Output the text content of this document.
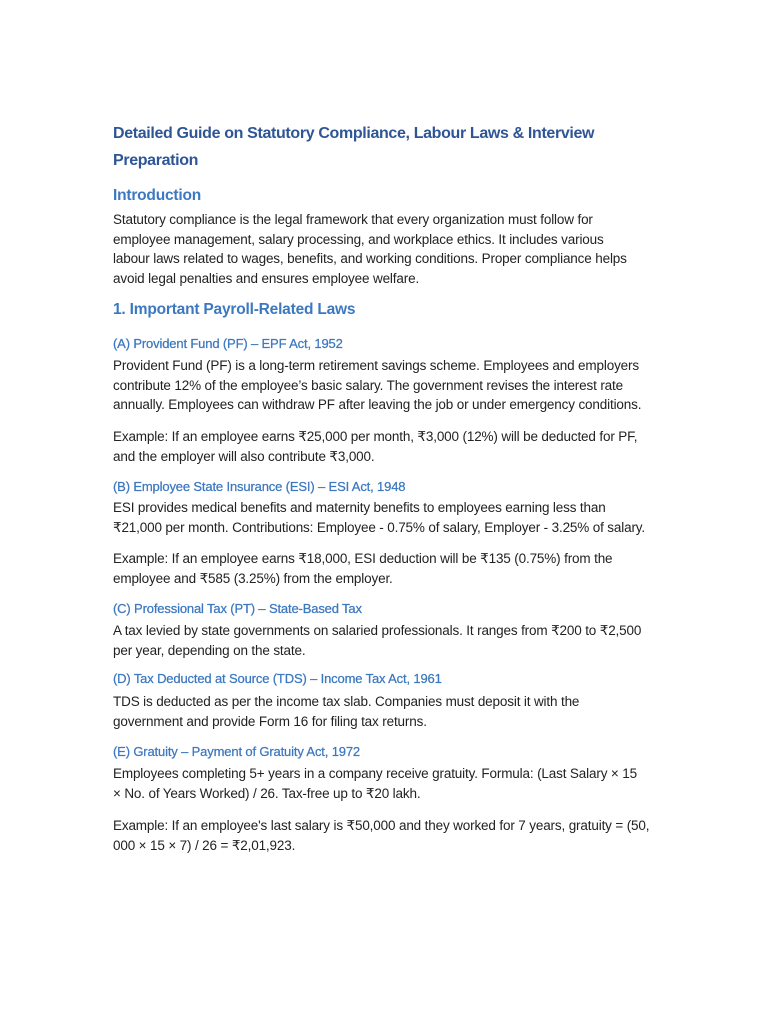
Detailed Guide on Statutory Compliance, Labour Laws & Interview
Preparation
Introduction
Statutory compliance is the legal framework that every organization must follow for
employee management, salary processing, and workplace ethics. It includes various
labour laws related to wages, benefits, and working conditions. Proper compliance helps
avoid legal penalties and ensures employee welfare.
1. Important Payroll-Related Laws
(A) Provident Fund (PF) – EPF Act, 1952
Provident Fund (PF) is a long-term retirement savings scheme. Employees and employers
contribute 12% of the employee’s basic salary. The government revises the interest rate
annually. Employees can withdraw PF after leaving the job or under emergency conditions.
Example: If an employee earns ₹25,000 per month, ₹3,000 (12%) will be deducted for PF,
and the employer will also contribute ₹3,000.
(B) Employee State Insurance (ESI) – ESI Act, 1948
ESI provides medical benefits and maternity benefits to employees earning less than
₹21,000 per month. Contributions: Employee - 0.75% of salary, Employer - 3.25% of salary.
Example: If an employee earns ₹18,000, ESI deduction will be ₹135 (0.75%) from the
employee and ₹585 (3.25%) from the employer.
(C) Professional Tax (PT) – State-Based Tax
A tax levied by state governments on salaried professionals. It ranges from ₹200 to ₹2,500
per year, depending on the state.
(D) Tax Deducted at Source (TDS) – Income Tax Act, 1961
TDS is deducted as per the income tax slab. Companies must deposit it with the
government and provide Form 16 for filing tax returns.
(E) Gratuity – Payment of Gratuity Act, 1972
Employees completing 5+ years in a company receive gratuity. Formula: (Last Salary × 15
× No. of Years Worked) / 26. Tax-free up to ₹20 lakh.
Example: If an employee's last salary is ₹50,000 and they worked for 7 years, gratuity = (50,
000 × 15 × 7) / 26 = ₹2,01,923.
